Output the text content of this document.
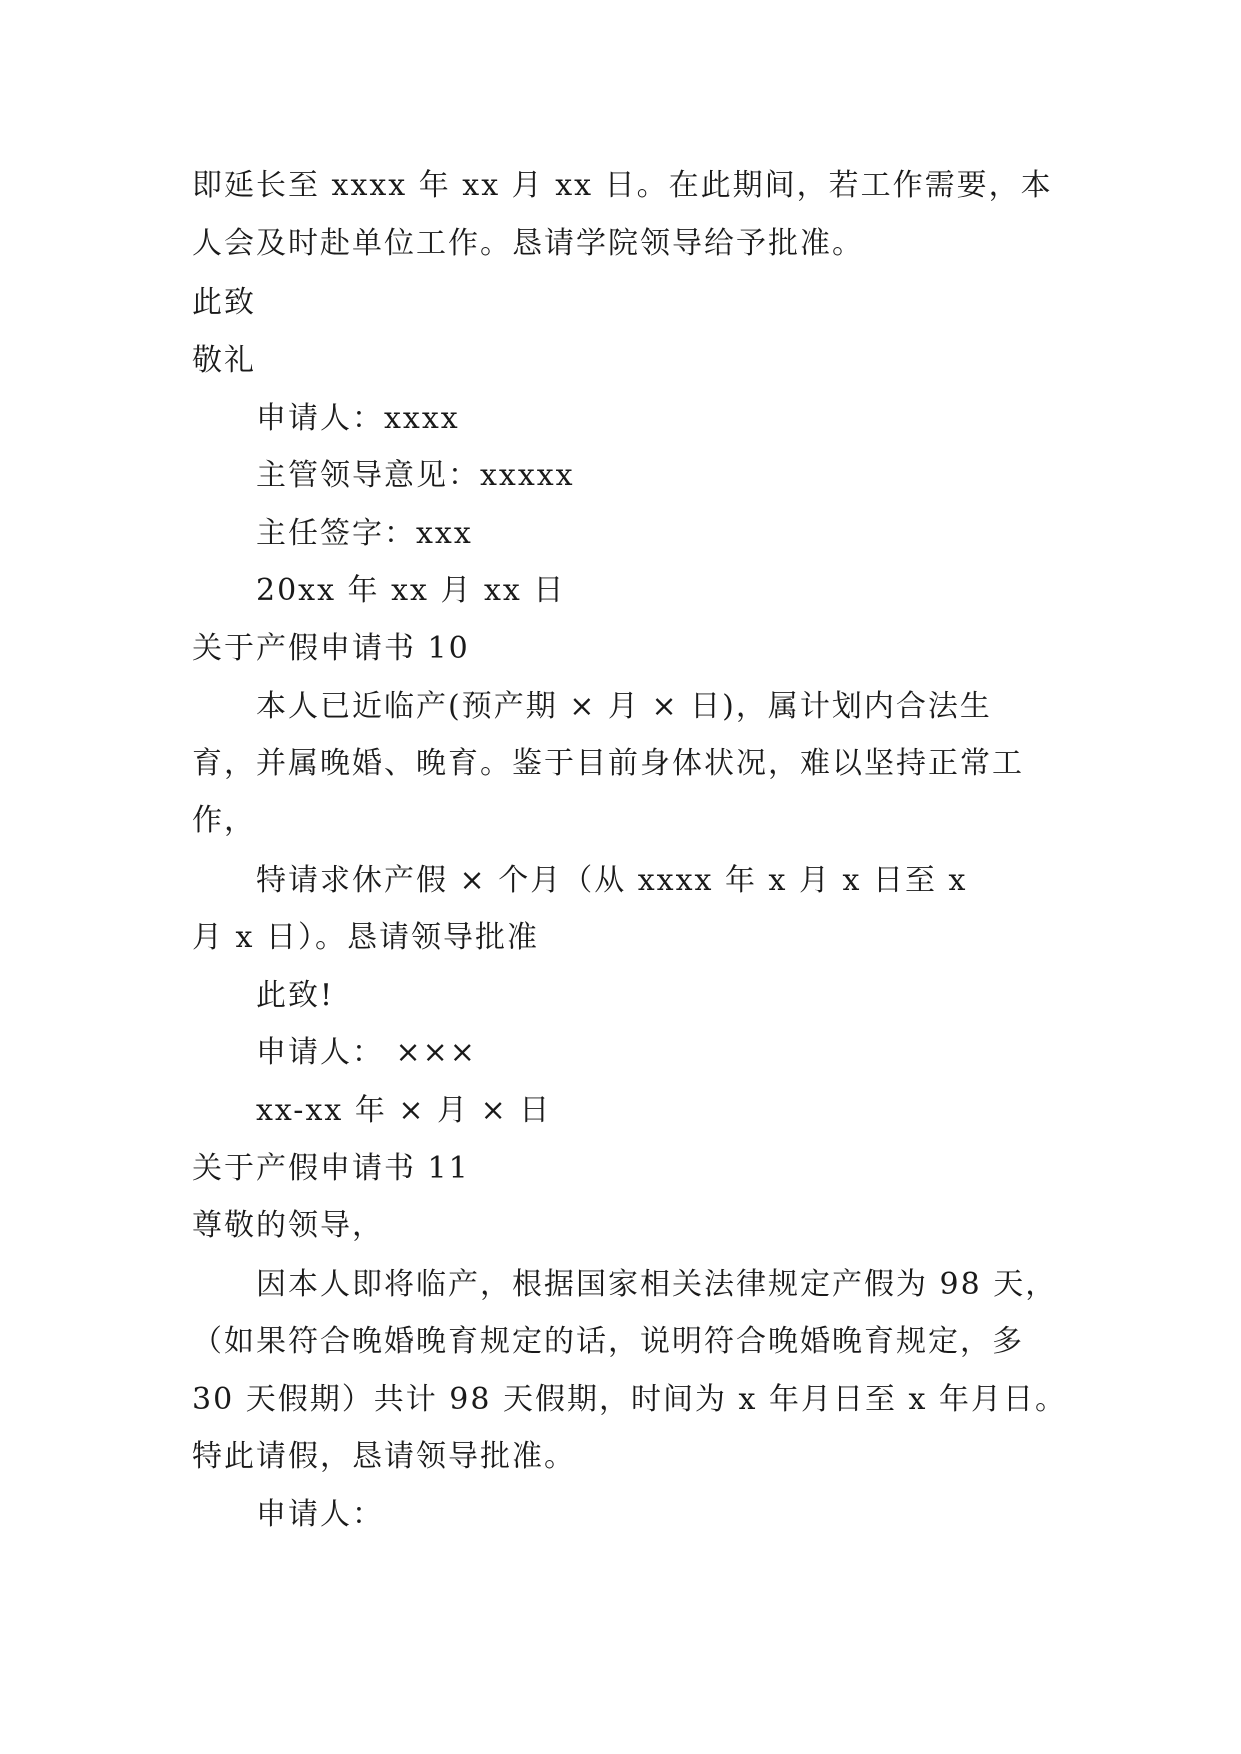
即延长至 xxxx 年 xx 月 xx 日。在此期间，若工作需要，本
人会及时赴单位工作。恳请学院领导给予批准。
此致
敬礼
申请人：xxxx
主管领导意见：xxxxx
主任签字：xxx
20xx 年 xx 月 xx 日
关于产假申请书 10
本人已近临产(预产期 × 月 × 日)，属计划内合法生
育，并属晚婚、晚育。鉴于目前身体状况，难以坚持正常工
作，
特请求休产假 × 个月（从 xxxx 年 x 月 x 日至 x
月 x 日）。恳请领导批准
此致!
申请人： ×××
xx-xx 年 × 月 × 日
关于产假申请书 11
尊敬的领导，
因本人即将临产，根据国家相关法律规定产假为 98 天，
（如果符合晚婚晚育规定的话，说明符合晚婚晚育规定，多
30 天假期）共计 98 天假期，时间为 x 年月日至 x 年月日。
特此请假，恳请领导批准。
申请人：
